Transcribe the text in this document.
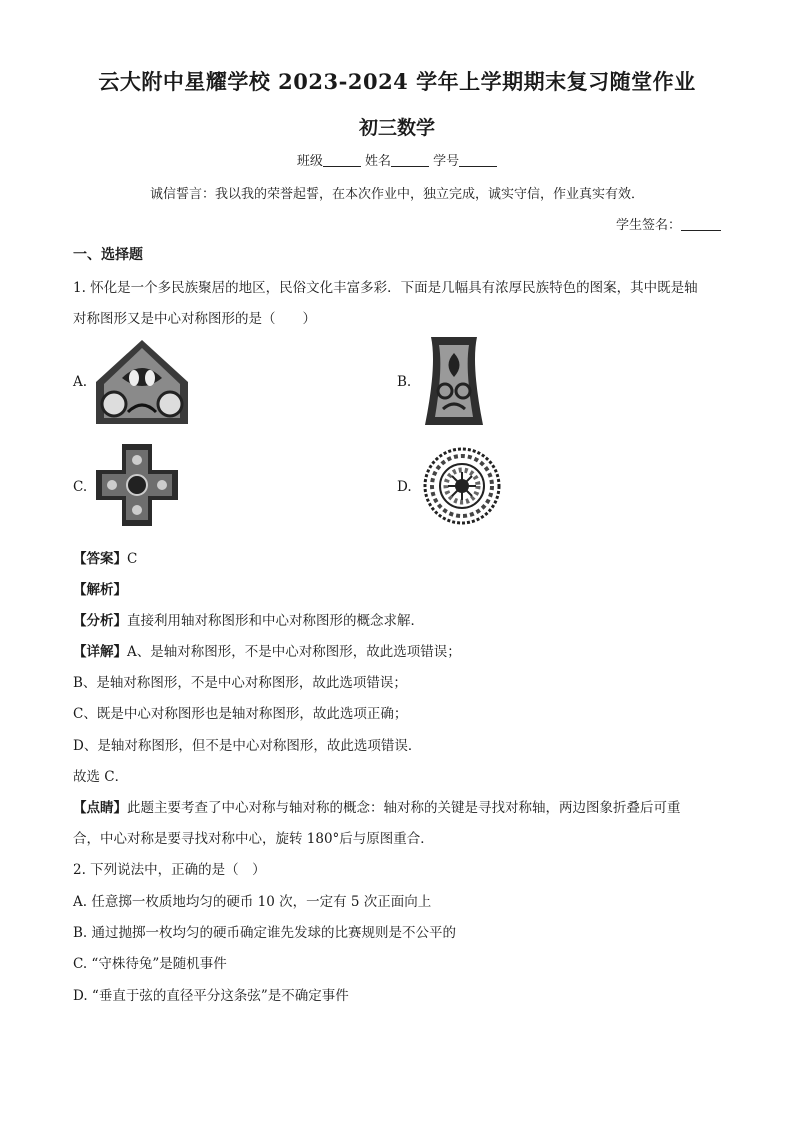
云大附中星耀学校 2023-2024 学年上学期期末复习随堂作业
初三数学
班级	姓名	学号
诚信誓言：我以我的荣誉起誓，在本次作业中，独立完成，诚实守信，作业真实有效．
学生签名：
一、选择题
1. 怀化是一个多民族聚居的地区，民俗文化丰富多彩．下面是几幅具有浓厚民族特色的图案，其中既是轴
对称图形又是中心对称图形的是（　　）
A.	B.
C.	D.
【答案】C
【解析】
【分析】直接利用轴对称图形和中心对称图形的概念求解．
【详解】A、是轴对称图形，不是中心对称图形，故此选项错误；
B、是轴对称图形，不是中心对称图形，故此选项错误；
C、既是中心对称图形也是轴对称图形，故此选项正确；
D、是轴对称图形，但不是中心对称图形，故此选项错误．
故选 C．
【点睛】此题主要考查了中心对称与轴对称的概念：轴对称的关键是寻找对称轴，两边图象折叠后可重
合，中心对称是要寻找对称中心，旋转 180°后与原图重合．
2. 下列说法中，正确的是（　）
A. 任意掷一枚质地均匀的硬币 10 次，一定有 5 次正面向上
B. 通过抛掷一枚均匀的硬币确定谁先发球的比赛规则是不公平的
C. “守株待兔”是随机事件
D. “垂直于弦的直径平分这条弦”是不确定事件
